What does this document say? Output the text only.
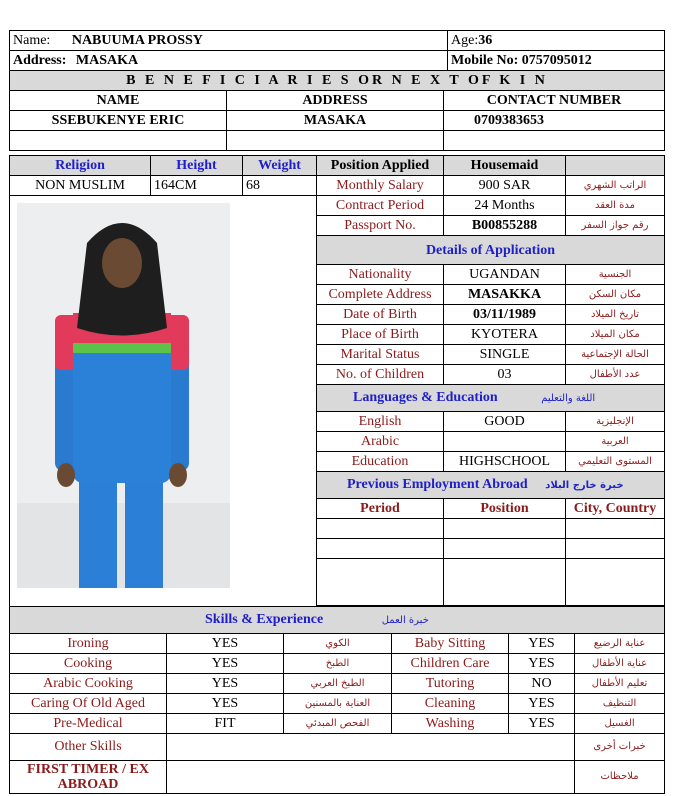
Name: NABUUMA PROSSY	Age:36
Address: MASAKA	Mobile No: 0757095012
B E N E F I C I A R I E S OR N E X T OF K I N		
NAME	ADDRESS	CONTACT NUMBER
SSEBUKENYE ERIC	MASAKA	0709383653

Religion	Height	Weight	Position Applied	Housemaid	
NON MUSLIM	164CM	68	Monthly Salary	900 SAR	الراتب الشهري

	Contract Period	24 Months	مدة العقد
			Passport No.	B00855288	رقم جواز السفر
			Details of Application		
			Nationality	UGANDAN	الجنسية
			Complete Address	MASAKKA	مكان السكن
			Date of Birth	03/11/1989	تاريخ الميلاد
			Place of Birth	KYOTERA	مكان الميلاد
			Marital Status	SINGLE	الحالة الإجتماعية
			No. of Children	03	عدد الأطفال
			Languages & Education اللغة والتعليم		
			English	GOOD	الإنجليزية
			Arabic		العربية
			Education	HIGHSCHOOL	المستوى التعليمي
			Previous Employment Abroad خبرة خارج البلاد		
			Period	Position	City, Country

Skills & Experience خبرة العمل					
Ironing	YES	الكوي	Baby Sitting	YES	عناية الرضيع
Cooking	YES	الطبخ	Children Care	YES	عناية الأطفال
Arabic Cooking	YES	الطبخ العربي	Tutoring	NO	تعليم الأطفال
Caring Of Old Aged	YES	العناية بالمسنين	Cleaning	YES	التنظيف
Pre-Medical	FIT	الفحص المبدئي	Washing	YES	الغسيل
Other Skills					خبرات أخرى
FIRST TIMER / EX ABROAD					ملاحظات
